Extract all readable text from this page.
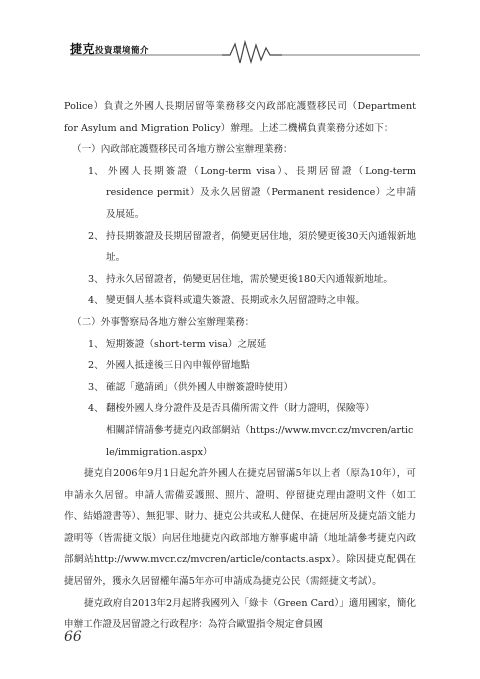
捷克投資環境簡介

Police）負責之外國人長期居留等業務移交內政部庇護暨移民司（Department for Asylum and Migration Policy）辦理。上述二機構負責業務分述如下：

（一）內政部庇護暨移民司各地方辦公室辦理業務：

1、 外國人長期簽證（Long-term visa）、長期居留證（Long-term residence permit）及永久居留證（Permanent residence）之申請及展延。

2、 持長期簽證及長期居留證者，倘變更居住地，須於變更後30天內通報新地址。

3、 持永久居留證者，倘變更居住地，需於變更後180天內通報新地址。

4、 變更個人基本資料或遺失簽證、長期或永久居留證時之申報。

（二）外事警察局各地方辦公室辦理業務：

1、 短期簽證（short-term visa）之展延

2、 外國人抵達後三日內申報停留地點

3、 確認「邀請函」（供外國人申辦簽證時使用）

4、 翻梭外國人身分證件及是否具備所需文件（財力證明，保險等）

相關詳情請參考捷克內政部網站（https://www.mvcr.cz/mvcren/article/immigration.aspx）

捷克自2006年9月1日起允許外國人在捷克居留滿5年以上者（原為10年），可申請永久居留。申請人需備妥護照、照片、證明、停留捷克理由證明文件（如工作、結婚證書等）、無犯罪、財力、捷克公共或私人健保、在捷居所及捷克語文能力證明等（皆需捷文版）向居住地捷克內政部地方辦事處申請（地址請參考捷克內政部網站http://www.mvcr.cz/mvcren/article/contacts.aspx）。除因捷克配偶在捷居留外，獲永久居留權年滿5年亦可申請成為捷克公民（需經捷文考試）。

捷克政府自2013年2月起將我國列入「綠卡（Green Card）」適用國家，簡化申辦工作證及居留證之行政程序：為符合歐盟指令規定會員國

66
